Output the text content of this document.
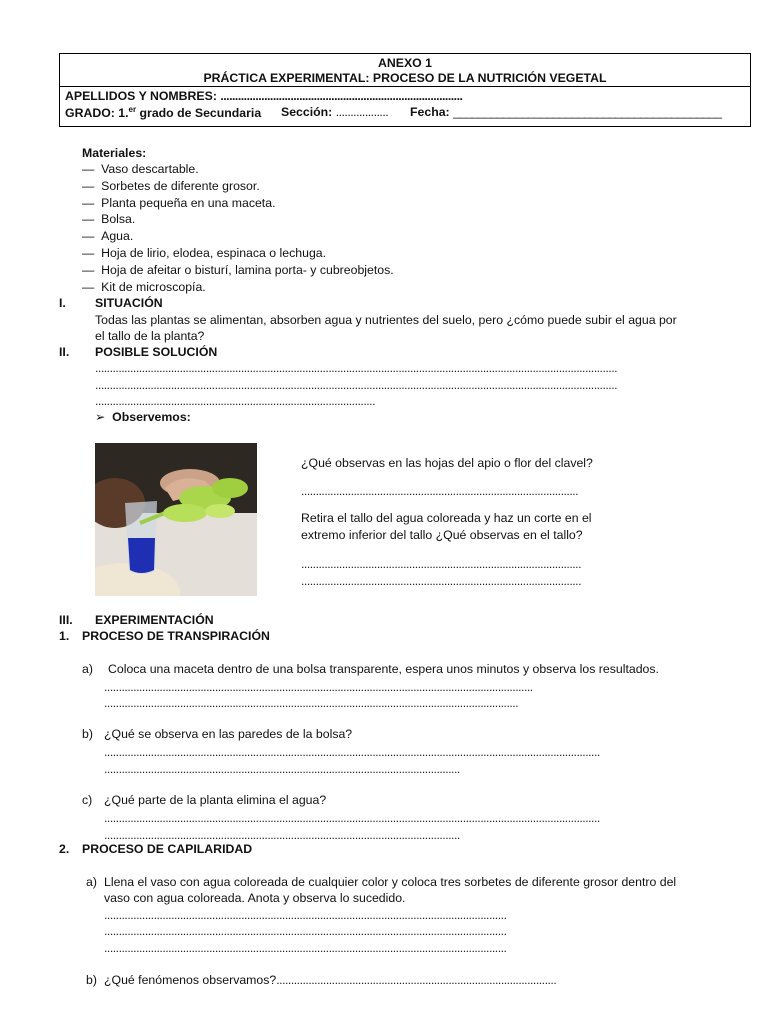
ANEXO 1
PRÁCTICA EXPERIMENTAL: PROCESO DE LA NUTRICIÓN VEGETAL
APELLIDOS Y NOMBRES: ...................................................................................
GRADO: 1.$^{er}$ grado de Secundaria Sección: .................. Fecha: ___________________________________________
Materiales:
— Vaso descartable.
— Sorbetes de diferente grosor.
— Planta pequeña en una maceta.
— Bolsa.
— Agua.
— Hoja de lirio, elodea, espinaca o lechuga.
— Hoja de afeitar o bisturí, lamina porta- y cubreobjetos.
— Kit de microscopía.
I. SITUACIÓN
Todas las plantas se alimentan, absorben agua y nutrientes del suelo, pero ¿cómo puede subir el agua por
el tallo de la planta?
II. POSIBLE SOLUCIÓN
...................................................................................................................................................................................
...................................................................................................................................................................................
................................................................................................
➢ Observemos:
¿Qué observas en las hojas del apio o flor del clavel?
...............................................................................................
Retira el tallo del agua coloreada y haz un corte en el
extremo inferior del tallo ¿Qué observas en el tallo?
................................................................................................
................................................................................................
III. EXPERIMENTACIÓN
1. PROCESO DE TRANSPIRACIÓN
a) Coloca una maceta dentro de una bolsa transparente, espera unos minutos y observa los resultados.
...................................................................................................................................................
..............................................................................................................................................
b) ¿Qué se observa en las paredes de la bolsa?
..........................................................................................................................................................................
..........................................................................................................................
c) ¿Qué parte de la planta elimina el agua?
..........................................................................................................................................................................
..........................................................................................................................
2. PROCESO DE CAPILARIDAD
a) Llena el vaso con agua coloreada de cualquier color y coloca tres sorbetes de diferente grosor dentro del
vaso con agua coloreada. Anota y observa lo sucedido.
..........................................................................................................................................
..........................................................................................................................................
..........................................................................................................................................
b) ¿Qué fenómenos observamos?................................................................................................
